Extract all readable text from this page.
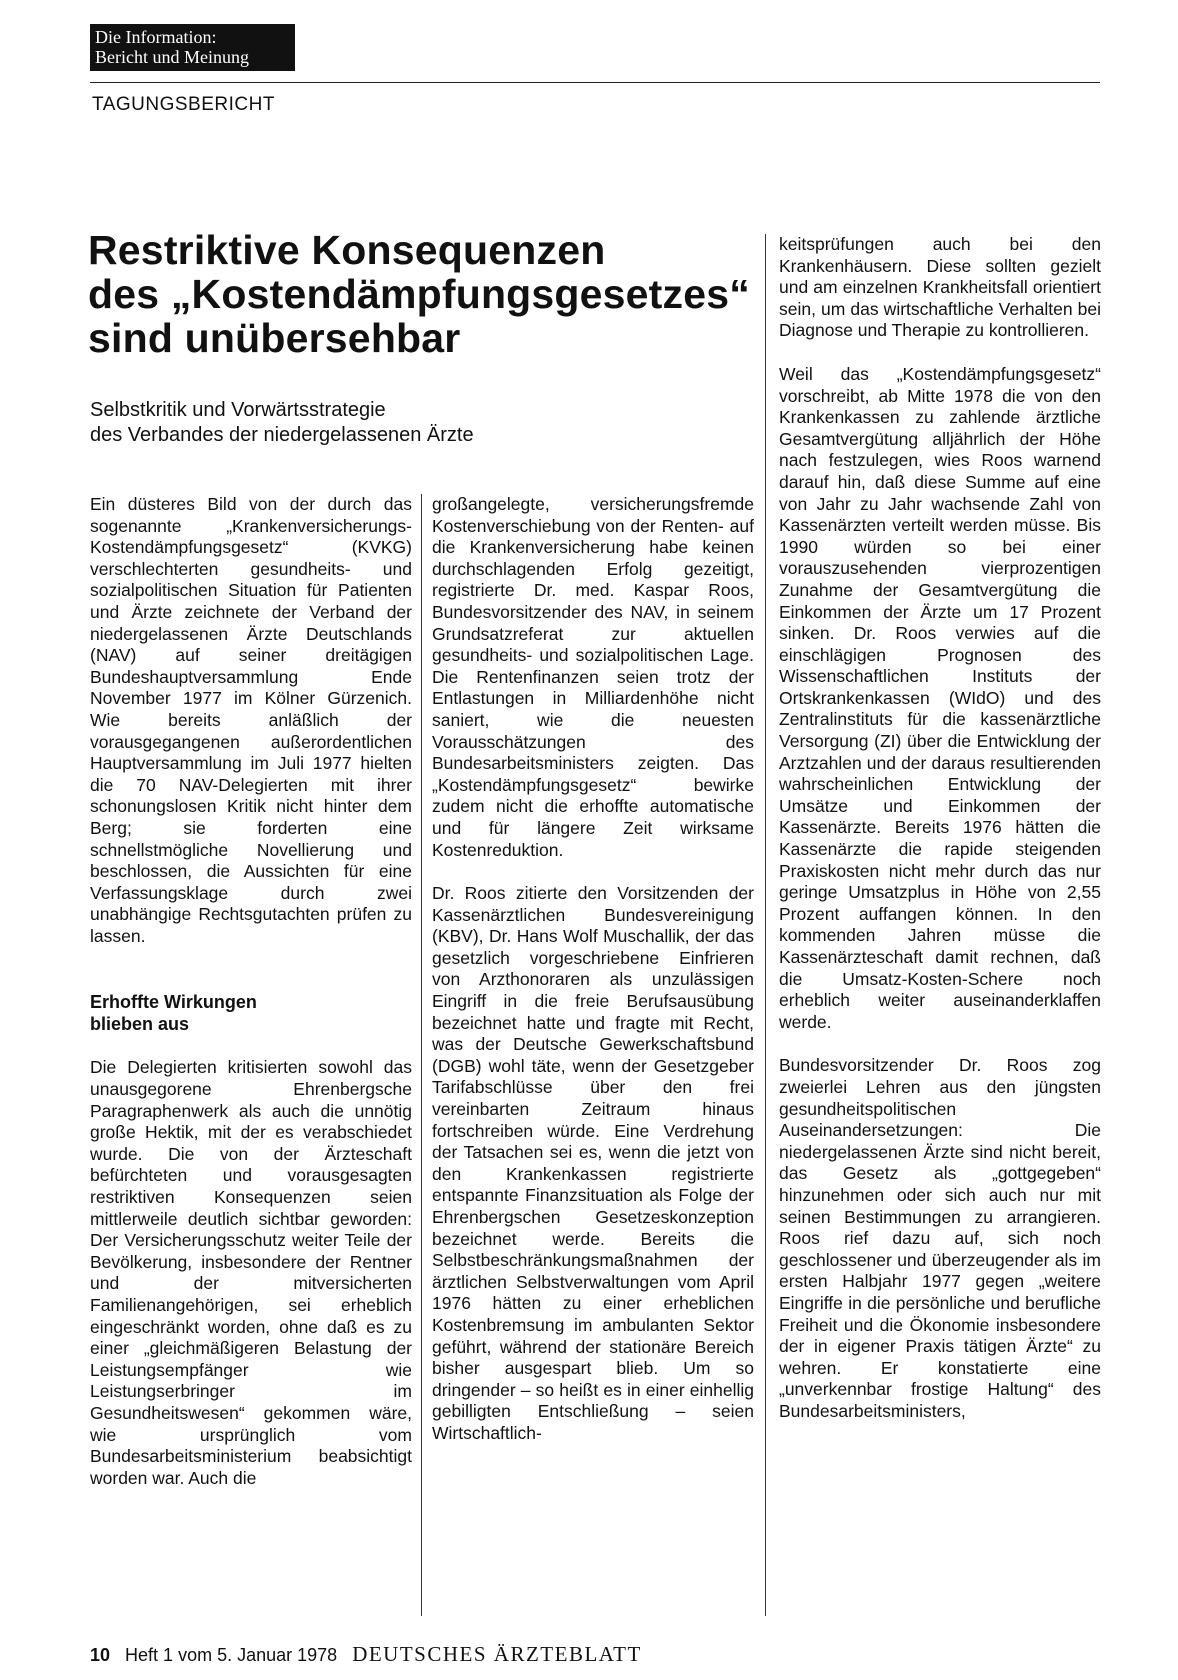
Die Information:
Bericht und Meinung
TAGUNGSBERICHT
Restriktive Konsequenzen
des „Kostendämpfungsgesetzes“
sind unübersehbar
Selbstkritik und Vorwärtsstrategie
des Verbandes der niedergelassenen Ärzte

Ein düsteres Bild von der durch das sogenannte „Krankenversicherungs-Kostendämpfungsgesetz“ (KVKG) verschlechterten gesundheits- und sozialpolitischen Situation für Patienten und Ärzte zeichnete der Verband der niedergelassenen Ärzte Deutschlands (NAV) auf seiner dreitägigen Bundeshauptversammlung Ende November 1977 im Kölner Gürzenich. Wie bereits anläßlich der vorausgegangenen außerordentlichen Hauptversammlung im Juli 1977 hielten die 70 NAV-Delegierten mit ihrer schonungslosen Kritik nicht hinter dem Berg; sie forderten eine schnellstmögliche Novellierung und beschlossen, die Aussichten für eine Verfassungsklage durch zwei unabhängige Rechtsgutachten prüfen zu lassen.

Erhoffte Wirkungen
blieben aus

Die Delegierten kritisierten sowohl das unausgegorene Ehrenbergsche Paragraphenwerk als auch die unnötig große Hektik, mit der es verabschiedet wurde. Die von der Ärzteschaft befürchteten und vorausgesagten restriktiven Konsequenzen seien mittlerweile deutlich sichtbar geworden: Der Versicherungsschutz weiter Teile der Bevölkerung, insbesondere der Rentner und der mitversicherten Familienangehörigen, sei erheblich eingeschränkt worden, ohne daß es zu einer „gleichmäßigeren Belastung der Leistungsempfänger wie Leistungserbringer im Gesundheitswesen“ gekommen wäre, wie ursprünglich vom Bundesarbeitsministerium beabsichtigt worden war. Auch die

großangelegte, versicherungsfremde Kostenverschiebung von der Renten- auf die Krankenversicherung habe keinen durchschlagenden Erfolg gezeitigt, registrierte Dr. med. Kaspar Roos, Bundesvorsitzender des NAV, in seinem Grundsatzreferat zur aktuellen gesundheits- und sozialpolitischen Lage. Die Rentenfinanzen seien trotz der Entlastungen in Milliardenhöhe nicht saniert, wie die neuesten Vorausschätzungen des Bundesarbeitsministers zeigten. Das „Kostendämpfungsgesetz“ bewirke zudem nicht die erhoffte automatische und für längere Zeit wirksame Kostenreduktion.

Dr. Roos zitierte den Vorsitzenden der Kassenärztlichen Bundesvereinigung (KBV), Dr. Hans Wolf Muschallik, der das gesetzlich vorgeschriebene Einfrieren von Arzthonoraren als unzulässigen Eingriff in die freie Berufsausübung bezeichnet hatte und fragte mit Recht, was der Deutsche Gewerkschaftsbund (DGB) wohl täte, wenn der Gesetzgeber Tarifabschlüsse über den frei vereinbarten Zeitraum hinaus fortschreiben würde. Eine Verdrehung der Tatsachen sei es, wenn die jetzt von den Krankenkassen registrierte entspannte Finanzsituation als Folge der Ehrenbergschen Gesetzeskonzeption bezeichnet werde. Bereits die Selbstbeschränkungsmaßnahmen der ärztlichen Selbstverwaltungen vom April 1976 hätten zu einer erheblichen Kostenbremsung im ambulanten Sektor geführt, während der stationäre Bereich bisher ausgespart blieb. Um so dringender – so heißt es in einer einhellig gebilligten Entschließung – seien Wirtschaftlich-

keitsprüfungen auch bei den Krankenhäusern. Diese sollten gezielt und am einzelnen Krankheitsfall orientiert sein, um das wirtschaftliche Verhalten bei Diagnose und Therapie zu kontrollieren.

Weil das „Kostendämpfungsgesetz“ vorschreibt, ab Mitte 1978 die von den Krankenkassen zu zahlende ärztliche Gesamtvergütung alljährlich der Höhe nach festzulegen, wies Roos warnend darauf hin, daß diese Summe auf eine von Jahr zu Jahr wachsende Zahl von Kassenärzten verteilt werden müsse. Bis 1990 würden so bei einer vorauszusehenden vierprozentigen Zunahme der Gesamtvergütung die Einkommen der Ärzte um 17 Prozent sinken. Dr. Roos verwies auf die einschlägigen Prognosen des Wissenschaftlichen Instituts der Ortskrankenkassen (WIdO) und des Zentralinstituts für die kassenärztliche Versorgung (ZI) über die Entwicklung der Arztzahlen und der daraus resultierenden wahrscheinlichen Entwicklung der Umsätze und Einkommen der Kassenärzte. Bereits 1976 hätten die Kassenärzte die rapide steigenden Praxiskosten nicht mehr durch das nur geringe Umsatzplus in Höhe von 2,55 Prozent auffangen können. In den kommenden Jahren müsse die Kassenärzteschaft damit rechnen, daß die Umsatz-Kosten-Schere noch erheblich weiter auseinanderklaffen werde.

Bundesvorsitzender Dr. Roos zog zweierlei Lehren aus den jüngsten gesundheitspolitischen Auseinandersetzungen: Die niedergelassenen Ärzte sind nicht bereit, das Gesetz als „gottgegeben“ hinzunehmen oder sich auch nur mit seinen Bestimmungen zu arrangieren. Roos rief dazu auf, sich noch geschlossener und überzeugender als im ersten Halbjahr 1977 gegen „weitere Eingriffe in die persönliche und berufliche Freiheit und die Ökonomie insbesondere der in eigener Praxis tätigen Ärzte“ zu wehren. Er konstatierte eine „unverkennbar frostige Haltung“ des Bundesarbeitsministers,

10 Heft 1 vom 5. Januar 1978 DEUTSCHES ÄRZTEBLATT
